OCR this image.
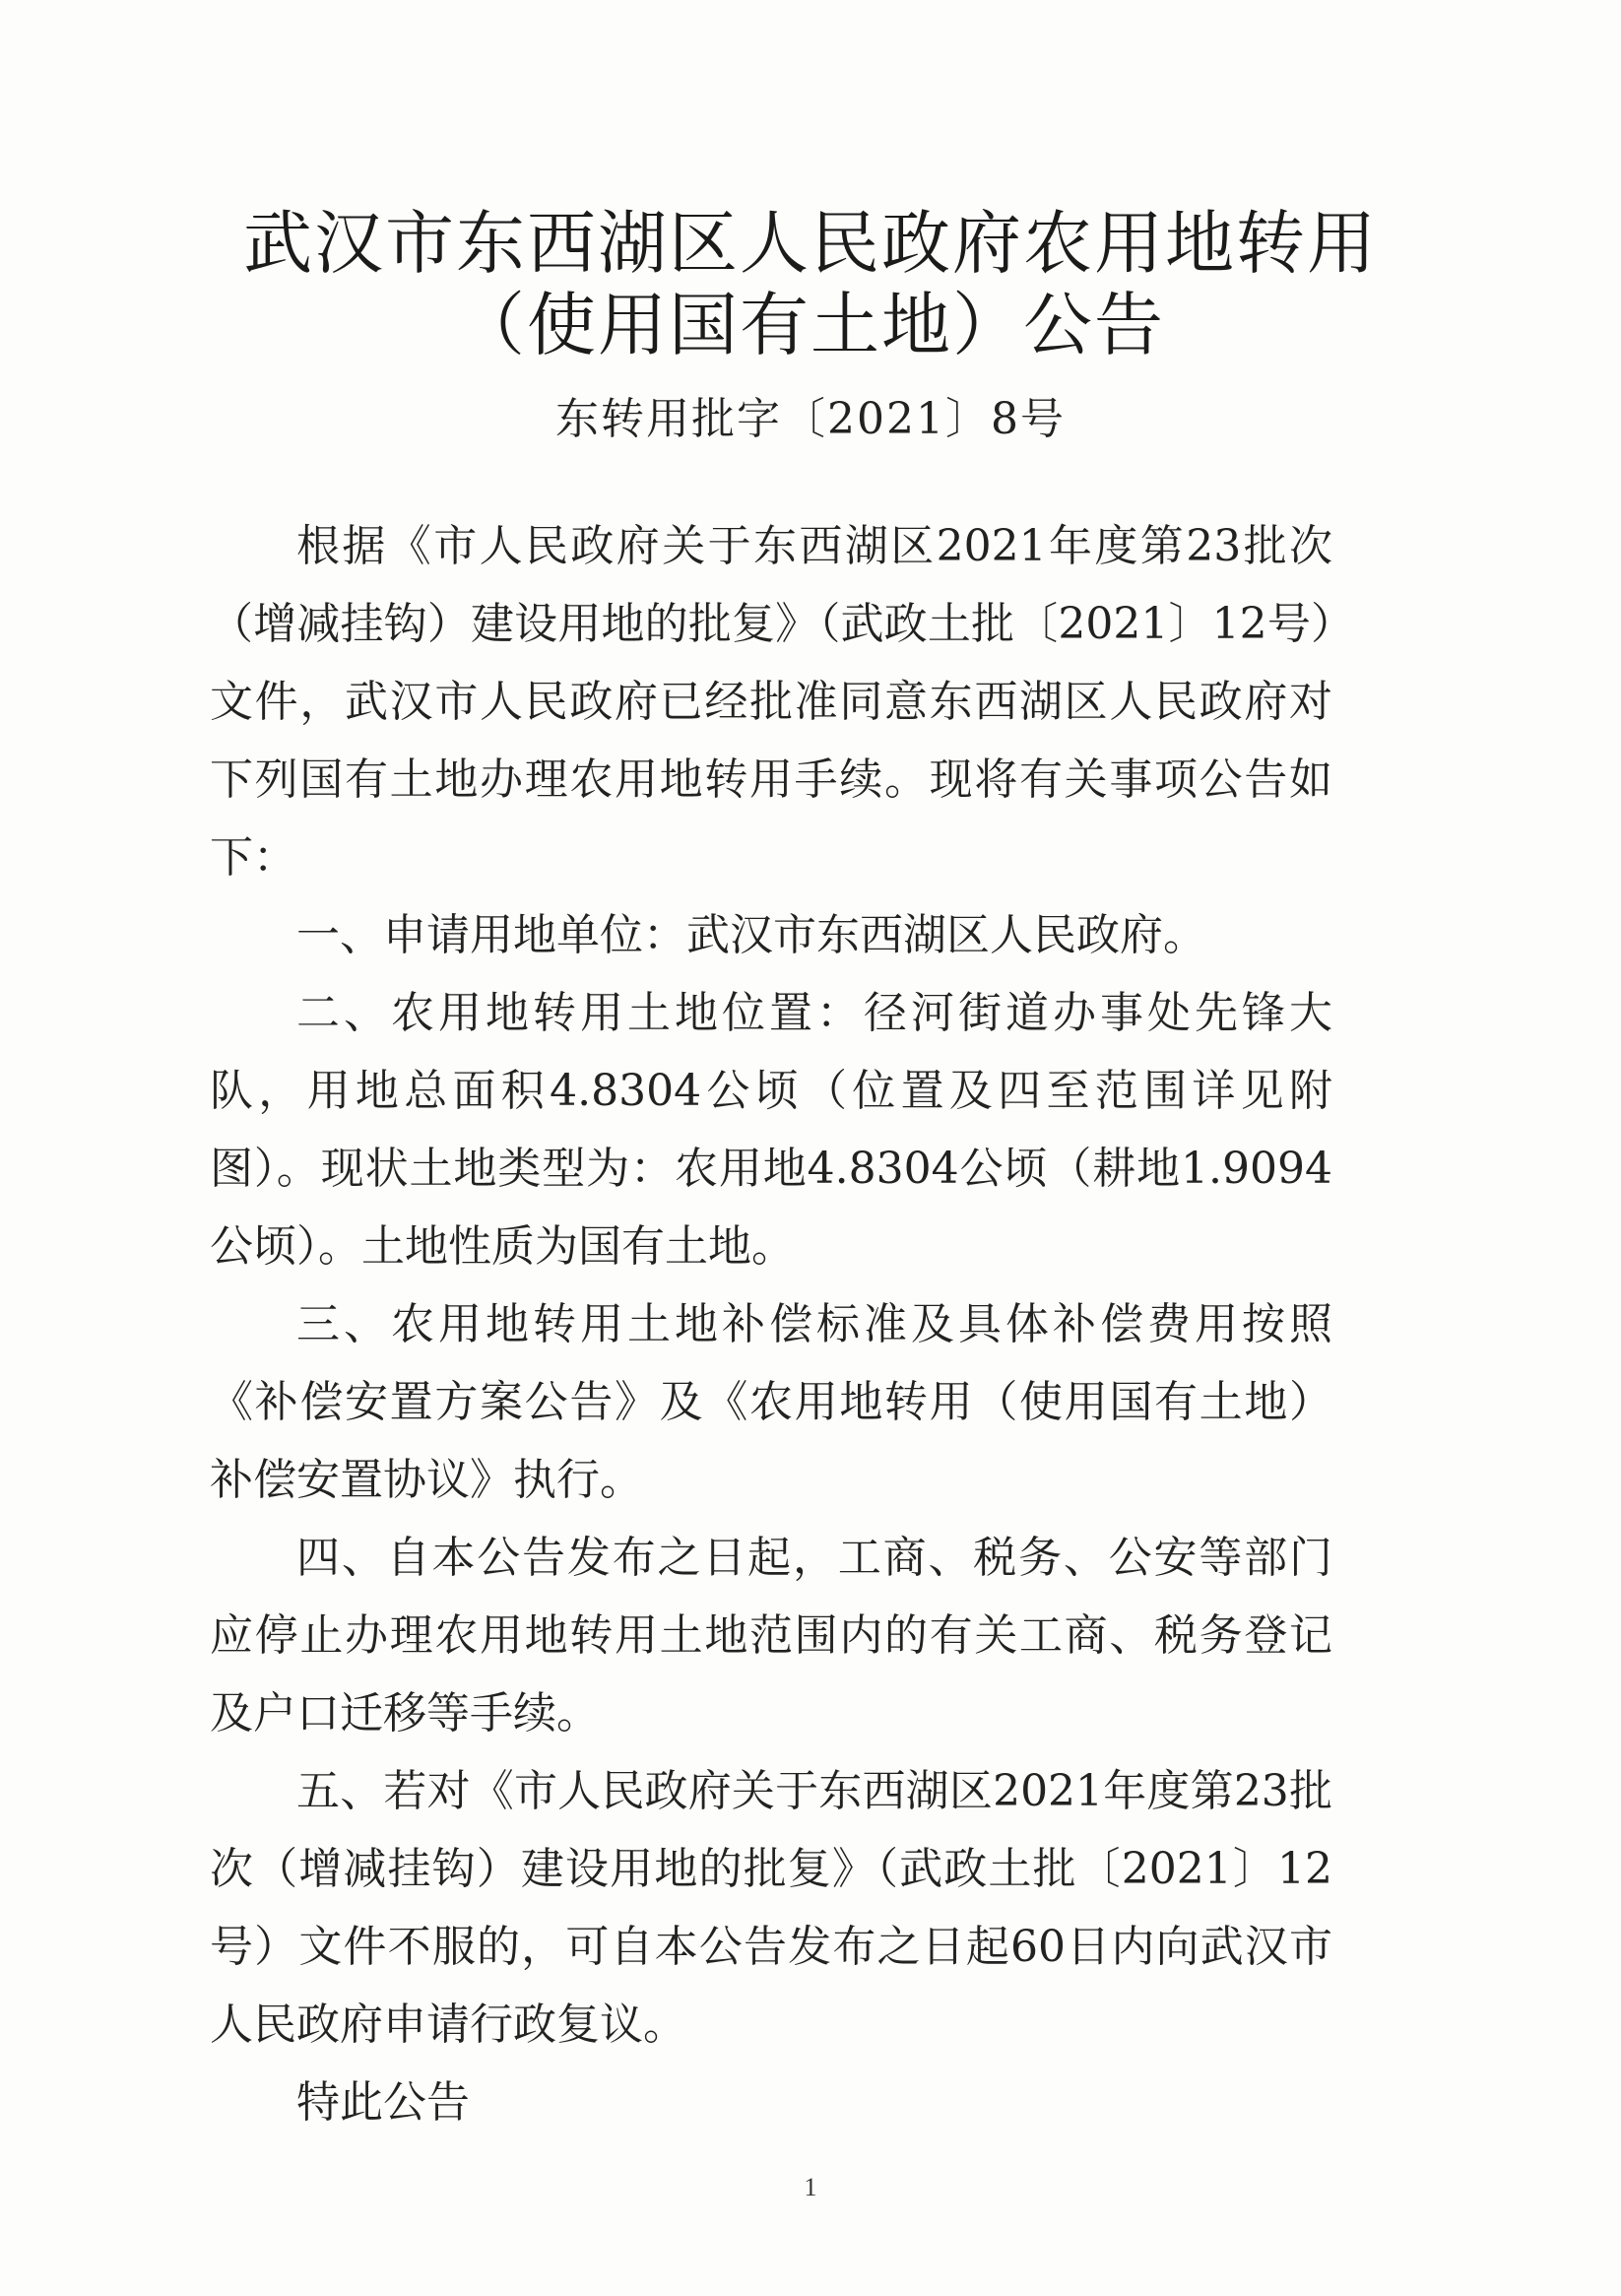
武汉市东西湖区人民政府农用地转用
（使用国有土地）公告
东转用批字〔2021〕8号

根据《市人民政府关于东西湖区2021年度第23批次（增减挂钩）建设用地的批复》（武政土批〔2021〕12号）文件，武汉市人民政府已经批准同意东西湖区人民政府对下列国有土地办理农用地转用手续。现将有关事项公告如下：

一、申请用地单位：武汉市东西湖区人民政府。

二、农用地转用土地位置：径河街道办事处先锋大队，用地总面积4.8304公顷（位置及四至范围详见附图）。现状土地类型为：农用地4.8304公顷（耕地1.9094公顷）。土地性质为国有土地。

三、农用地转用土地补偿标准及具体补偿费用按照《补偿安置方案公告》及《农用地转用（使用国有土地）补偿安置协议》执行。

四、自本公告发布之日起，工商、税务、公安等部门应停止办理农用地转用土地范围内的有关工商、税务登记及户口迁移等手续。

五、若对《市人民政府关于东西湖区2021年度第23批次（增减挂钩）建设用地的批复》（武政土批〔2021〕12号）文件不服的，可自本公告发布之日起60日内向武汉市人民政府申请行政复议。

特此公告

1
